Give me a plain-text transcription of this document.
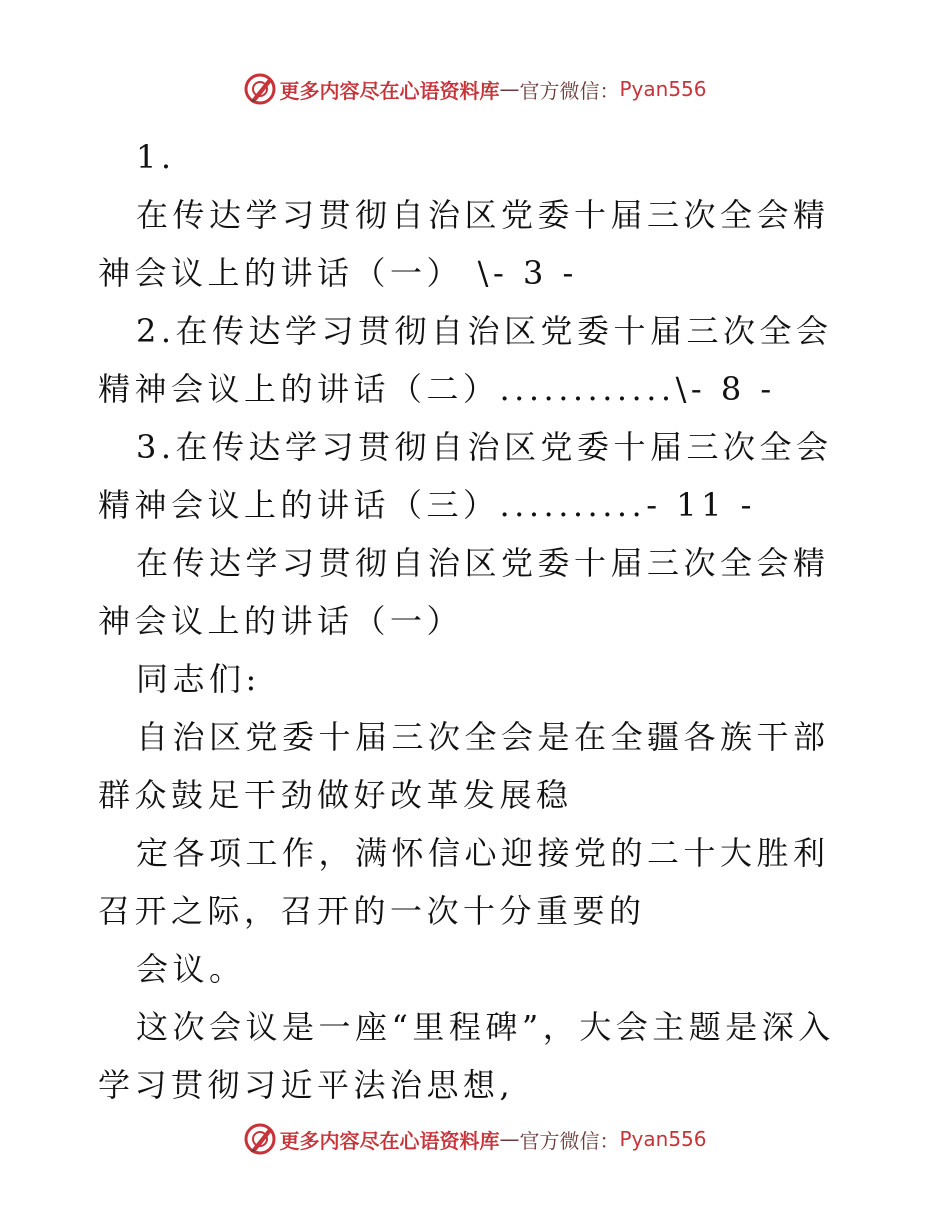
更多内容尽在心语资料库 — 官方微信： Pyan556

1.

在传达学习贯彻自治区党委十届三次全会精神会议上的讲话（一） \- 3 -

2.在传达学习贯彻自治区党委十届三次全会精神会议上的讲话（二）............\- 8 -

3.在传达学习贯彻自治区党委十届三次全会精神会议上的讲话（三）..........- 11 -

在传达学习贯彻自治区党委十届三次全会精神会议上的讲话（一）

同志们:

自治区党委十届三次全会是在全疆各族干部群众鼓足干劲做好改革发展稳

定各项工作，满怀信心迎接党的二十大胜利召开之际，召开的一次十分重要的

会议。

这次会议是一座“里程碑”，大会主题是深入学习贯彻习近平法治思想,

更多内容尽在心语资料库 — 官方微信： Pyan556
